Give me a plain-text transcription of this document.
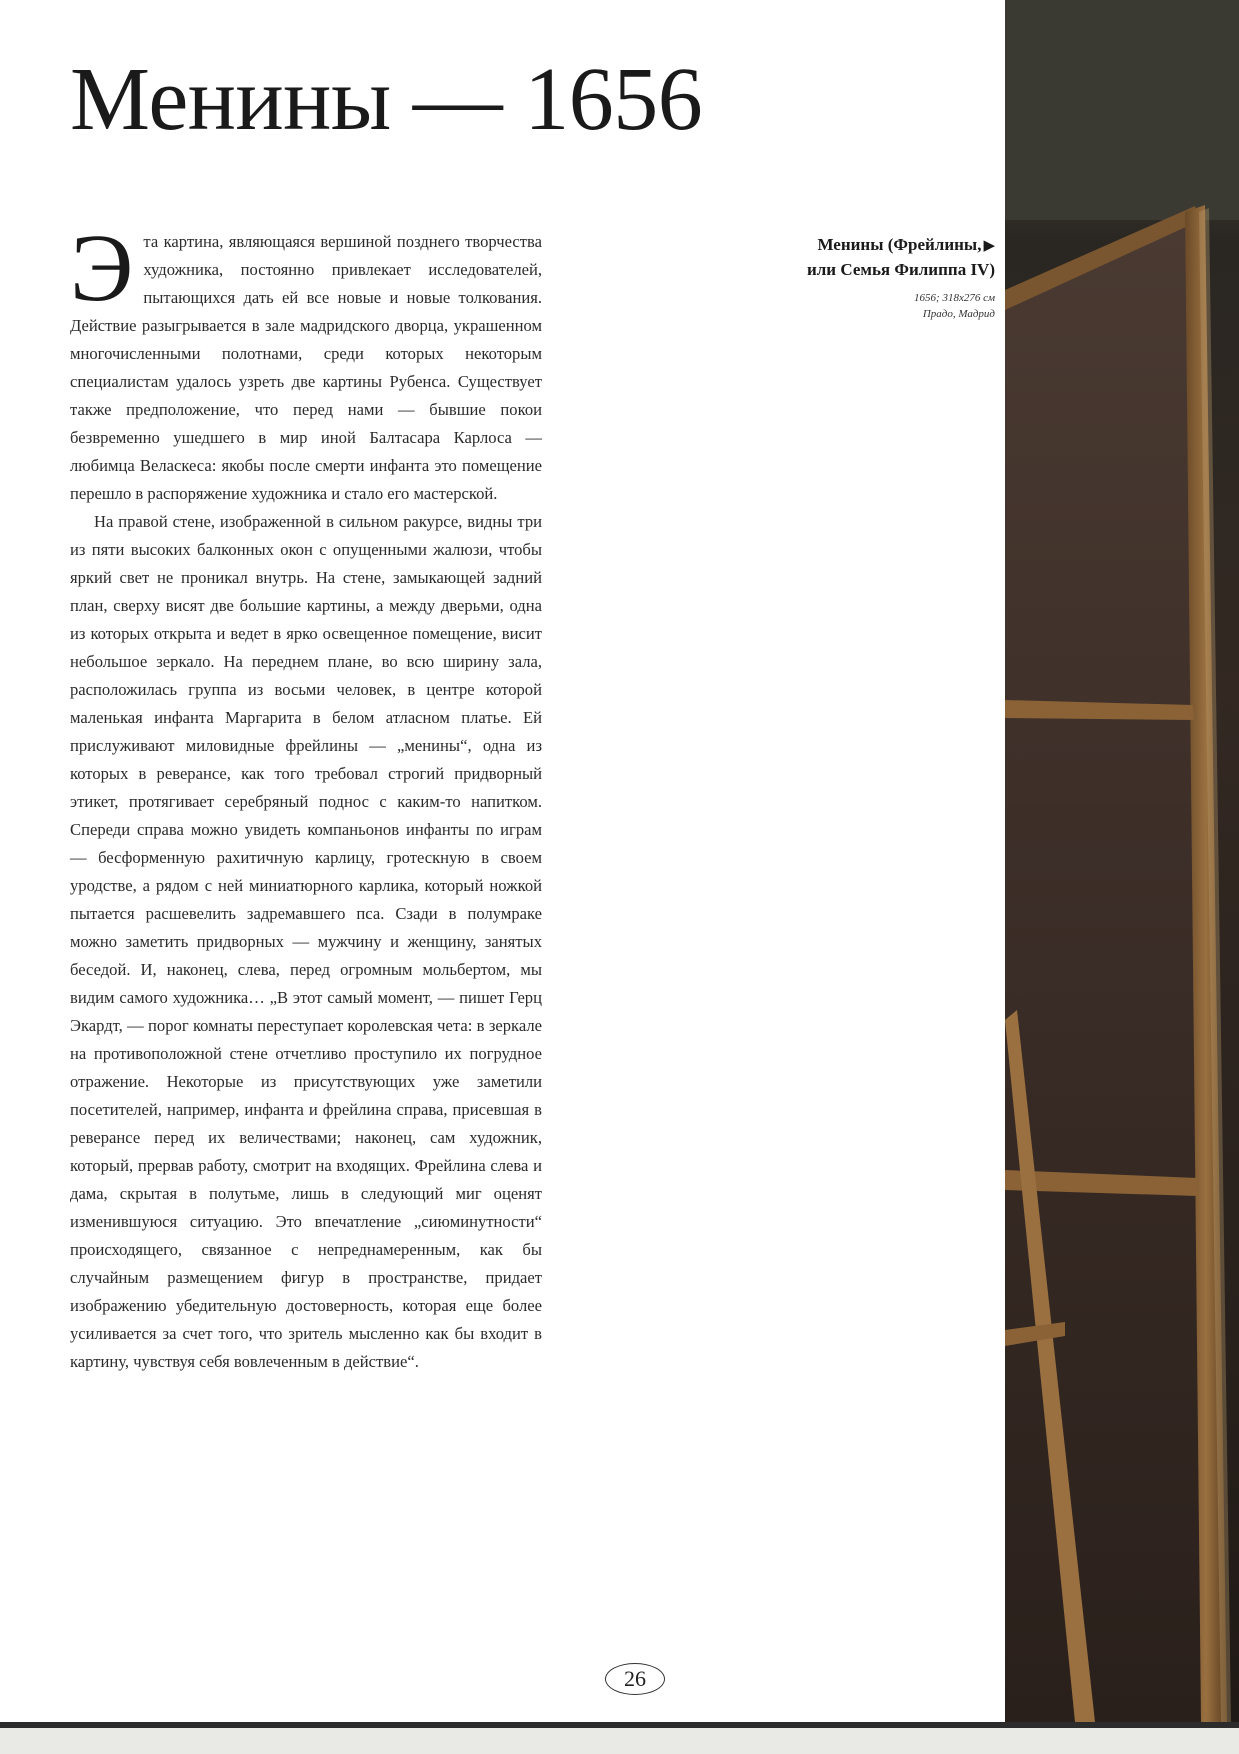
Менины — 1656

Эта картина, являющаяся вершиной позднего творчества художника, постоянно привлекает исследователей, пытающихся дать ей все новые и новые толкования. Действие разыгрывается в зале мадридского дворца, украшенном многочисленными полотнами, среди которых некоторым специалистам удалось узреть две картины Рубенса. Существует также предположение, что перед нами — бывшие покои безвременно ушедшего в мир иной Балтасара Карлоса — любимца Веласкеса: якобы после смерти инфанта это помещение перешло в распоряжение художника и стало его мастерской.

На правой стене, изображенной в сильном ракурсе, видны три из пяти высоких балконных окон с опущенными жалюзи, чтобы яркий свет не проникал внутрь. На стене, замыкающей задний план, сверху висят две большие картины, а между дверьми, одна из которых открыта и ведет в ярко освещенное помещение, висит небольшое зеркало. На переднем плане, во всю ширину зала, расположилась группа из восьми человек, в центре которой маленькая инфанта Маргарита в белом атласном платье. Ей прислуживают миловидные фрейлины — „менины“, одна из которых в реверансе, как того требовал строгий придворный этикет, протягивает серебряный поднос с каким-то напитком. Спереди справа можно увидеть компаньонов инфанты по играм — бесформенную рахитичную карлицу, гротескную в своем уродстве, а рядом с ней миниатюрного карлика, который ножкой пытается расшевелить задремавшего пса. Сзади в полумраке можно заметить придворных — мужчину и женщину, занятых беседой. И, наконец, слева, перед огромным мольбертом, мы видим самого художника… „В этот самый момент, — пишет Герц Экардт, — порог комнаты переступает королевская чета: в зеркале на противоположной стене отчетливо проступило их погрудное отражение. Некоторые из присутствующих уже заметили посетителей, например, инфанта и фрейлина справа, присевшая в реверансе перед их величествами; наконец, сам художник, который, прервав работу, смотрит на входящих. Фрейлина слева и дама, скрытая в полутьме, лишь в следующий миг оценят изменившуюся ситуацию. Это впечатление „сиюминутности“ происходящего, связанное с непреднамеренным, как бы случайным размещением фигур в пространстве, придает изображению убедительную достоверность, которая еще более усиливается за счет того, что зритель мысленно как бы входит в картину, чувствуя себя вовлеченным в действие“.

Менины (Фрейлины, ▶
или Семья Филиппа IV)
1656; 318х276 см
Прадо, Мадрид
26
